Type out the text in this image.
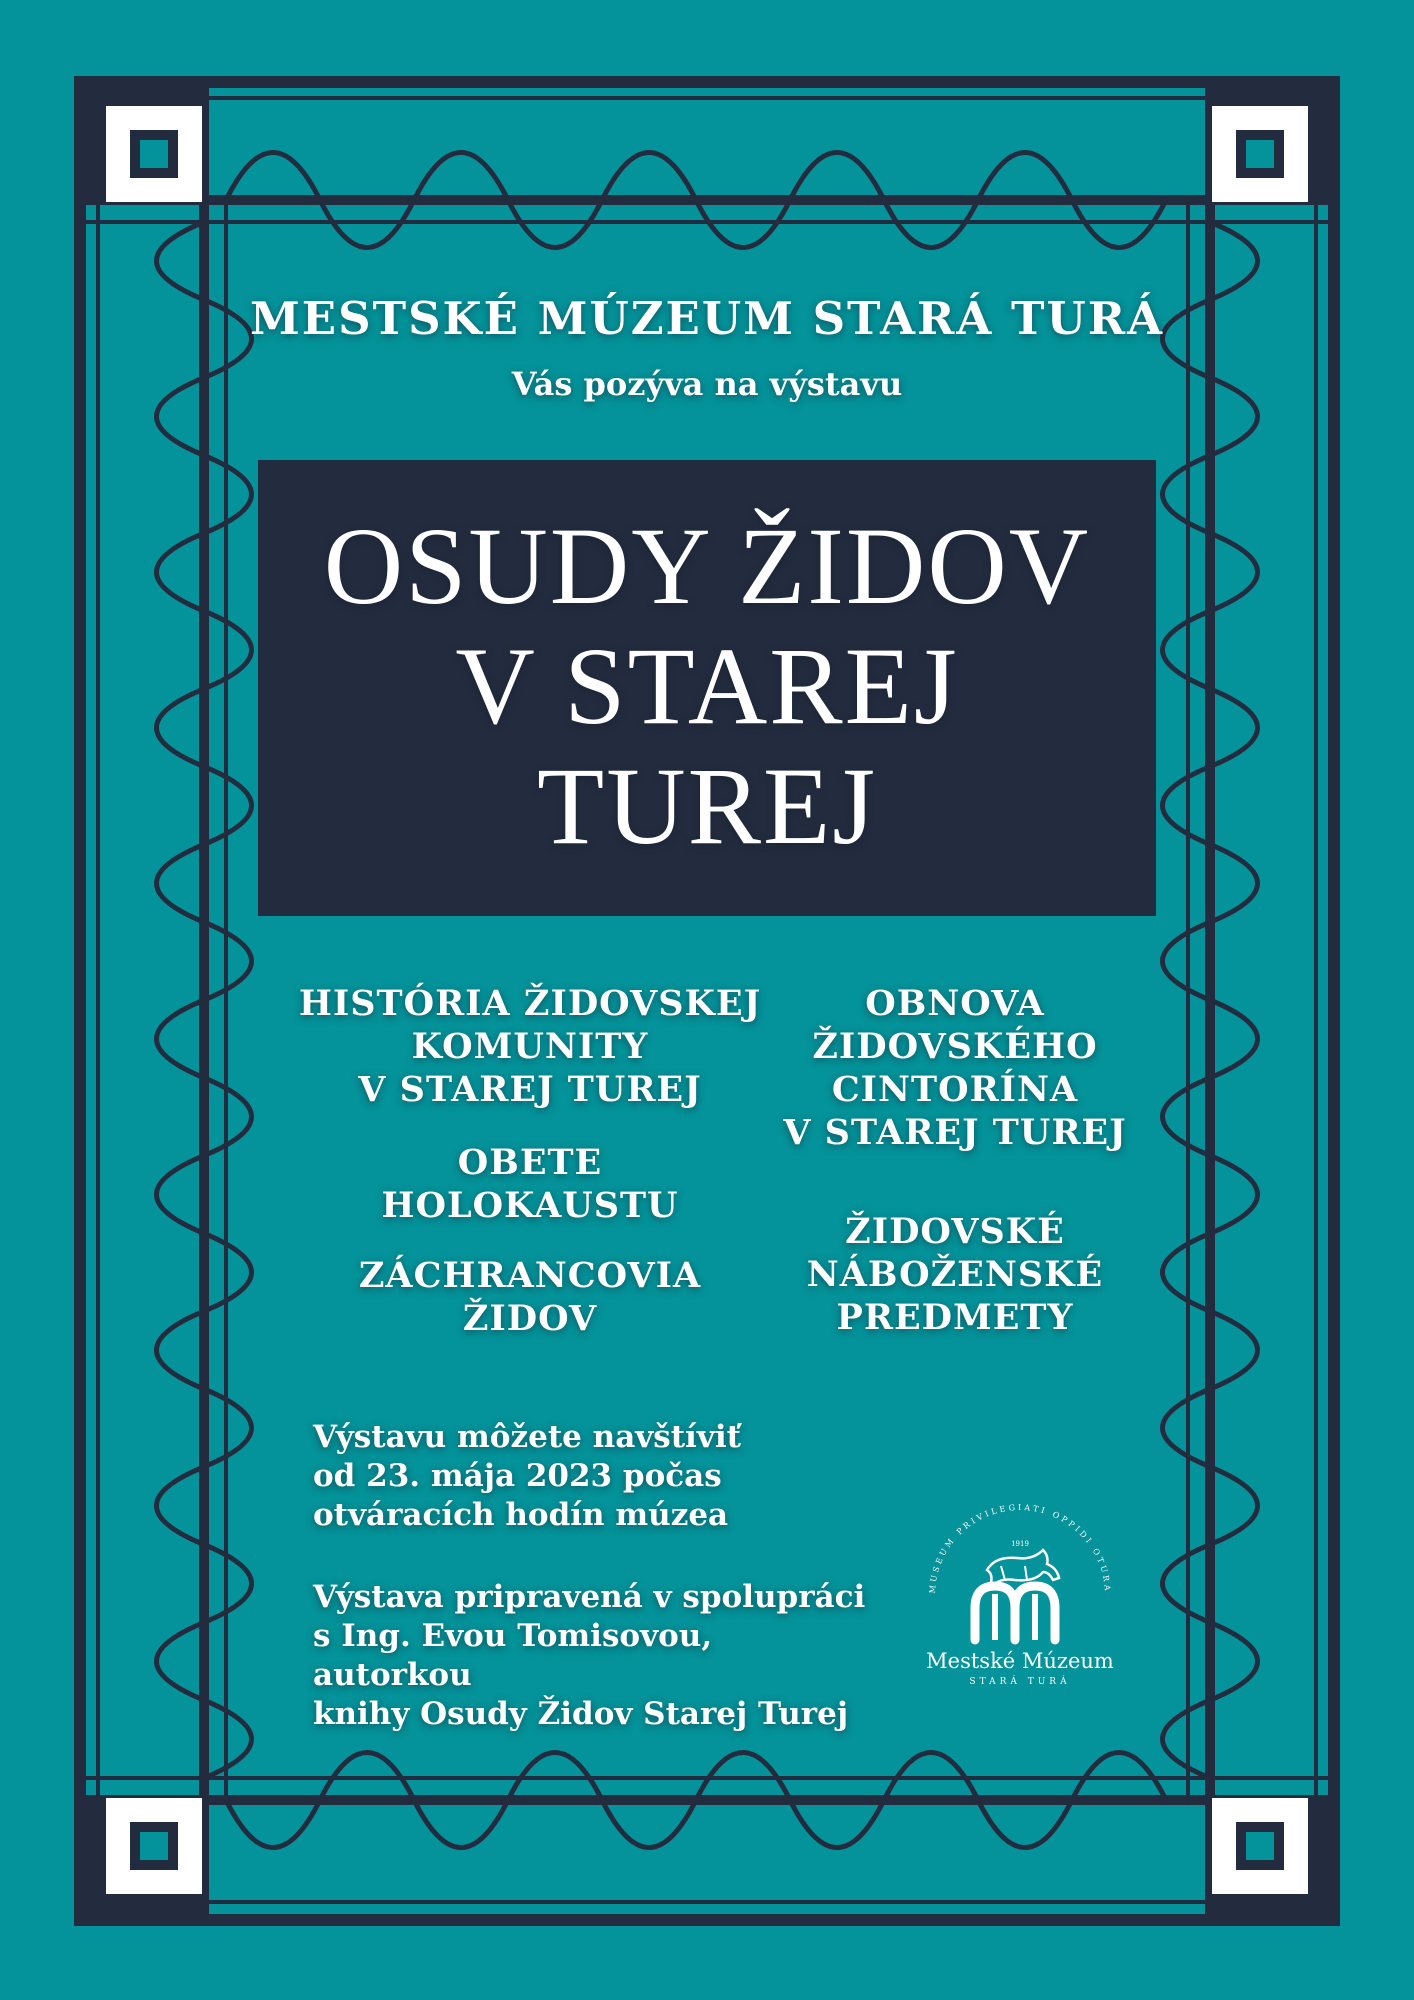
MESTSKÉ MÚZEUM STARÁ TURÁ

Vás pozýva na výstavu

OSUDY ŽIDOV

V STAREJ

TUREJ

HISTÓRIA ŽIDOVSKEJ
KOMUNITY
V STAREJ TUREJ

OBETE
HOLOKAUSTU

ZÁCHRANCOVIA
ŽIDOV

OBNOVA
ŽIDOVSKÉHO
CINTORÍNA
V STAREJ TUREJ

ŽIDOVSKÉ
NÁBOŽENSKÉ
PREDMETY

Výstavu môžete navštíviť
od 23. mája 2023 počas
otváracích hodín múzea

Výstava pripravená v spolupráci
s Ing. Evou Tomisovou, autorkou
knihy Osudy Židov Starej Turej

MUSEUM PRIVILEGIATI OPPIDI OTURA
1919
Mestské Múzeum
STARÁ TURÁ
